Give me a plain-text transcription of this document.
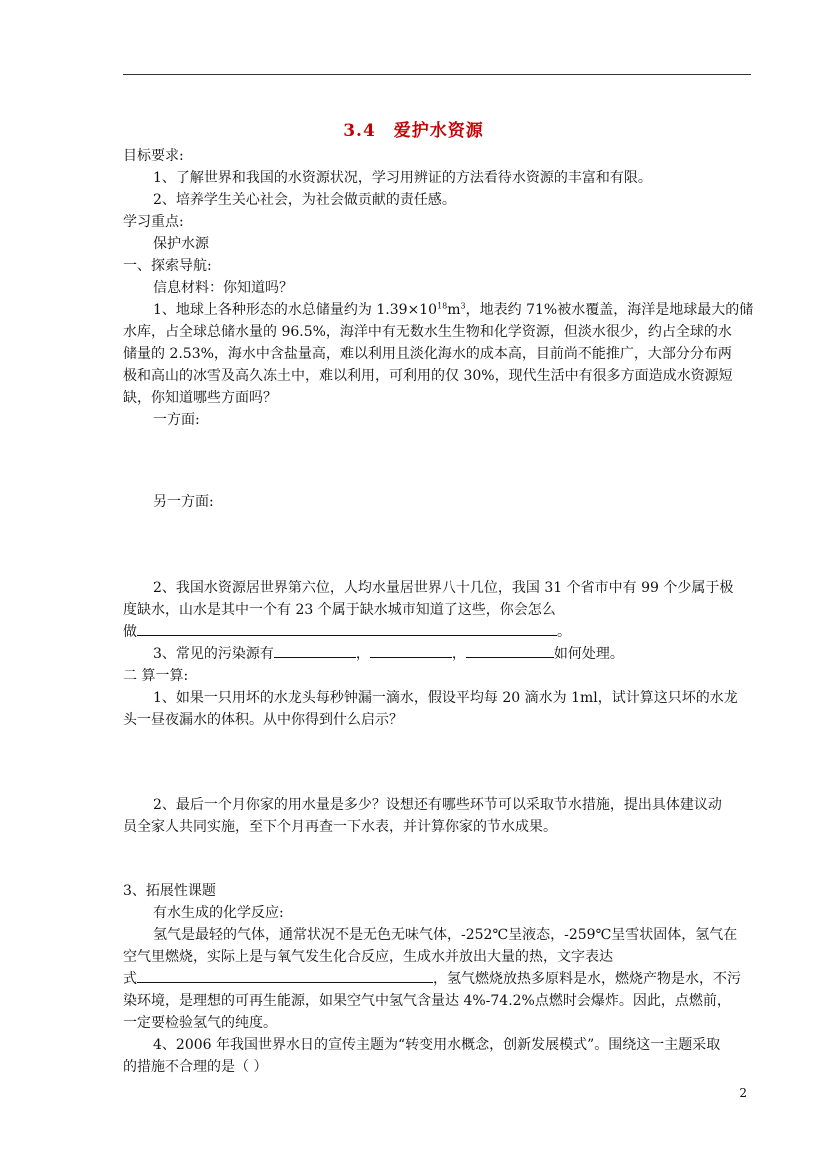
3.4 爱护水资源
目标要求:
1、了解世界和我国的水资源状况，学习用辨证的方法看待水资源的丰富和有限。
2、培养学生关心社会，为社会做贡献的责任感。
学习重点:
保护水源
一、探索导航:
信息材料：你知道吗？
1、地球上各种形态的水总储量约为 $1.39\times 10^{18}m^3$，地表约 71%被水覆盖，海洋是地球最大的储
水库，占全球总储水量的 96.5%，海洋中有无数水生生物和化学资源，但淡水很少，约占全球的水
储量的 2.53%，海水中含盐量高，难以利用且淡化海水的成本高，目前尚不能推广，大部分分布两
极和高山的冰雪及高久冻土中，难以利用，可利用的仅 30%，现代生活中有很多方面造成水资源短
缺，你知道哪些方面吗？
一方面:
另一方面:
2、我国水资源居世界第六位，人均水量居世界八十几位，我国 31 个省市中有 99 个少属于极
度缺水，山水是其中一个有 23 个属于缺水城市知道了这些，你会怎么
做	。
3、常见的污染源有	，	，	如何处理。
二 算一算:
1、如果一只用坏的水龙头每秒钟漏一滴水，假设平均每 20 滴水为 1ml，试计算这只坏的水龙
头一昼夜漏水的体积。从中你得到什么启示？
2、最后一个月你家的用水量是多少？设想还有哪些环节可以采取节水措施，提出具体建议动
员全家人共同实施，至下个月再查一下水表，并计算你家的节水成果。
3、拓展性课题
有水生成的化学反应:
氢气是最轻的气体，通常状况不是无色无味气体，-252℃呈液态，-259℃呈雪状固体，氢气在
空气里燃烧，实际上是与氧气发生化合反应，生成水并放出大量的热，文字表达
式	，氢气燃烧放热多原料是水，燃烧产物是水，不污
染环境，是理想的可再生能源，如果空气中氢气含量达 4%-74.2%点燃时会爆炸。因此，点燃前，
一定要检验氢气的纯度。
4、2006 年我国世界水日的宣传主题为“转变用水概念，创新发展模式”。围绕这一主题采取
的措施不合理的是（ ）
2
